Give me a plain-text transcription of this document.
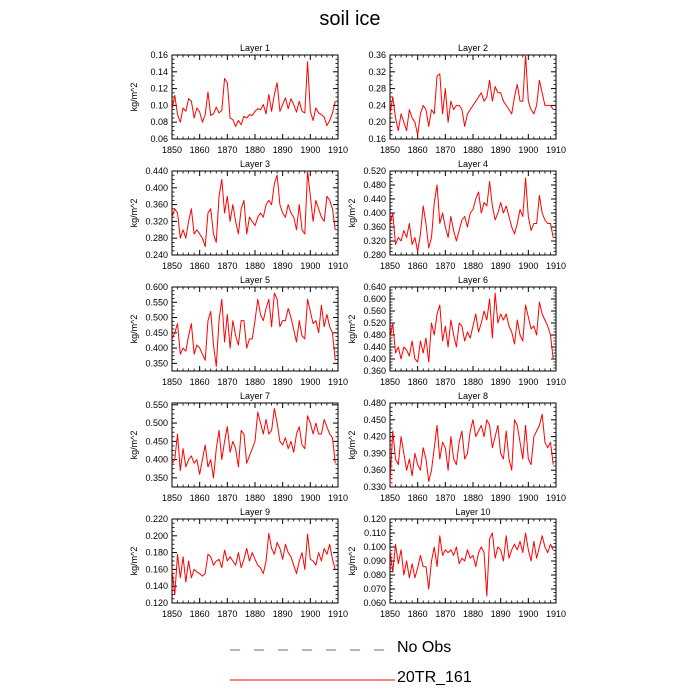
Layer 1
0.06
0.08
0.10
0.12
0.14
0.16
1850 1860 1870 1880 1890 1900 1910
kg/m^2
Layer 2
0.16
0.20
0.24
0.28
0.32
0.36
1850 1860 1870 1880 1890 1900 1910
Layer 3
0.240
0.280
0.320
0.360
0.400
0.440
1850 1860 1870 1880 1890 1900 1910
kg/m^2
Layer 4
0.280
0.320
0.360
0.400
0.440
0.480
0.520
1850 1860 1870 1880 1890 1900 1910
kg/m^2
Layer 5
0.350
0.400
0.450
0.500
0.550
0.600
1850 1860 1870 1880 1890 1900 1910
kg/m^2
Layer 6
0.360
0.400
0.440
0.480
0.520
0.560
0.600
0.640
1850 1860 1870 1880 1890 1900 1910
kg/m^2
Layer 7
0.350
0.400
0.450
0.500
0.550
1850 1860 1870 1880 1890 1900 1910
kg/m^2
Layer 8
0.330
0.360
0.390
0.420
0.450
0.480
1850 1860 1870 1880 1890 1900 1910
kg/m^2
Layer 9
0.120
0.140
0.160
0.180
0.200
0.220
1850 1860 1870 1880 1890 1900 1910
kg/m^2
Layer 10
0.060
0.070
0.080
0.090
0.100
0.110
0.120
1850 1860 1870 1880 1890 1900 1910
kg/m^2
soil ice
No Obs
20TR_161
